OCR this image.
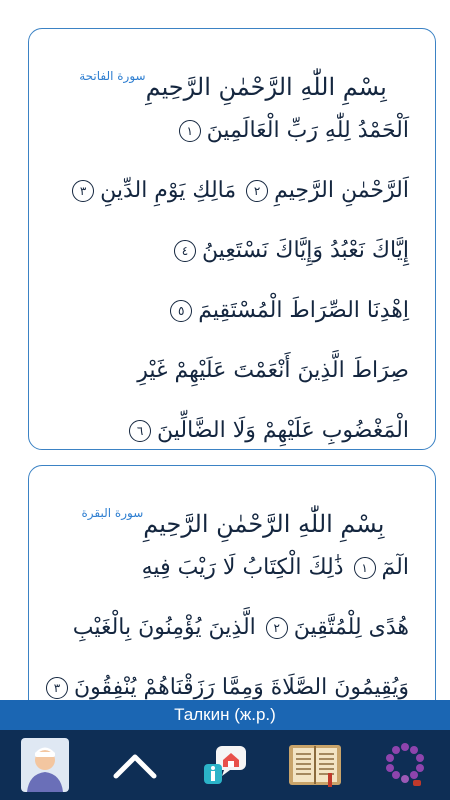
بِسْمِ اللّٰهِ الرَّحْمٰنِ الرَّحِيمِ
سورة الفاتحة
اَلْحَمْدُ لِلّٰهِ رَبِّ الْعَالَمِينَ١
اَلرَّحْمٰنِ الرَّحِيمِ٢مَالِكِ يَوْمِ الدِّينِ٣
إِيَّاكَ نَعْبُدُ وَإِيَّاكَ نَسْتَعِينُ٤
اِهْدِنَا الصِّرَاطَ الْمُسْتَقِيمَ٥
صِرَاطَ الَّذِينَ أَنْعَمْتَ عَلَيْهِمْ غَيْرِ
الْمَغْضُوبِ عَلَيْهِمْ وَلَا الضَّالِّينَ٦
بِسْمِ اللّٰهِ الرَّحْمٰنِ الرَّحِيمِ
سورة البقرة
الٓمٓ١ذَٰلِكَ الْكِتَابُ لَا رَيْبَ فِيهِ
هُدًى لِلْمُتَّقِينَ٢الَّذِينَ يُؤْمِنُونَ بِالْغَيْبِ
وَيُقِيمُونَ الصَّلَاةَ وَمِمَّا رَزَقْنَاهُمْ يُنْفِقُونَ٣
Талкин (ж.р.)
